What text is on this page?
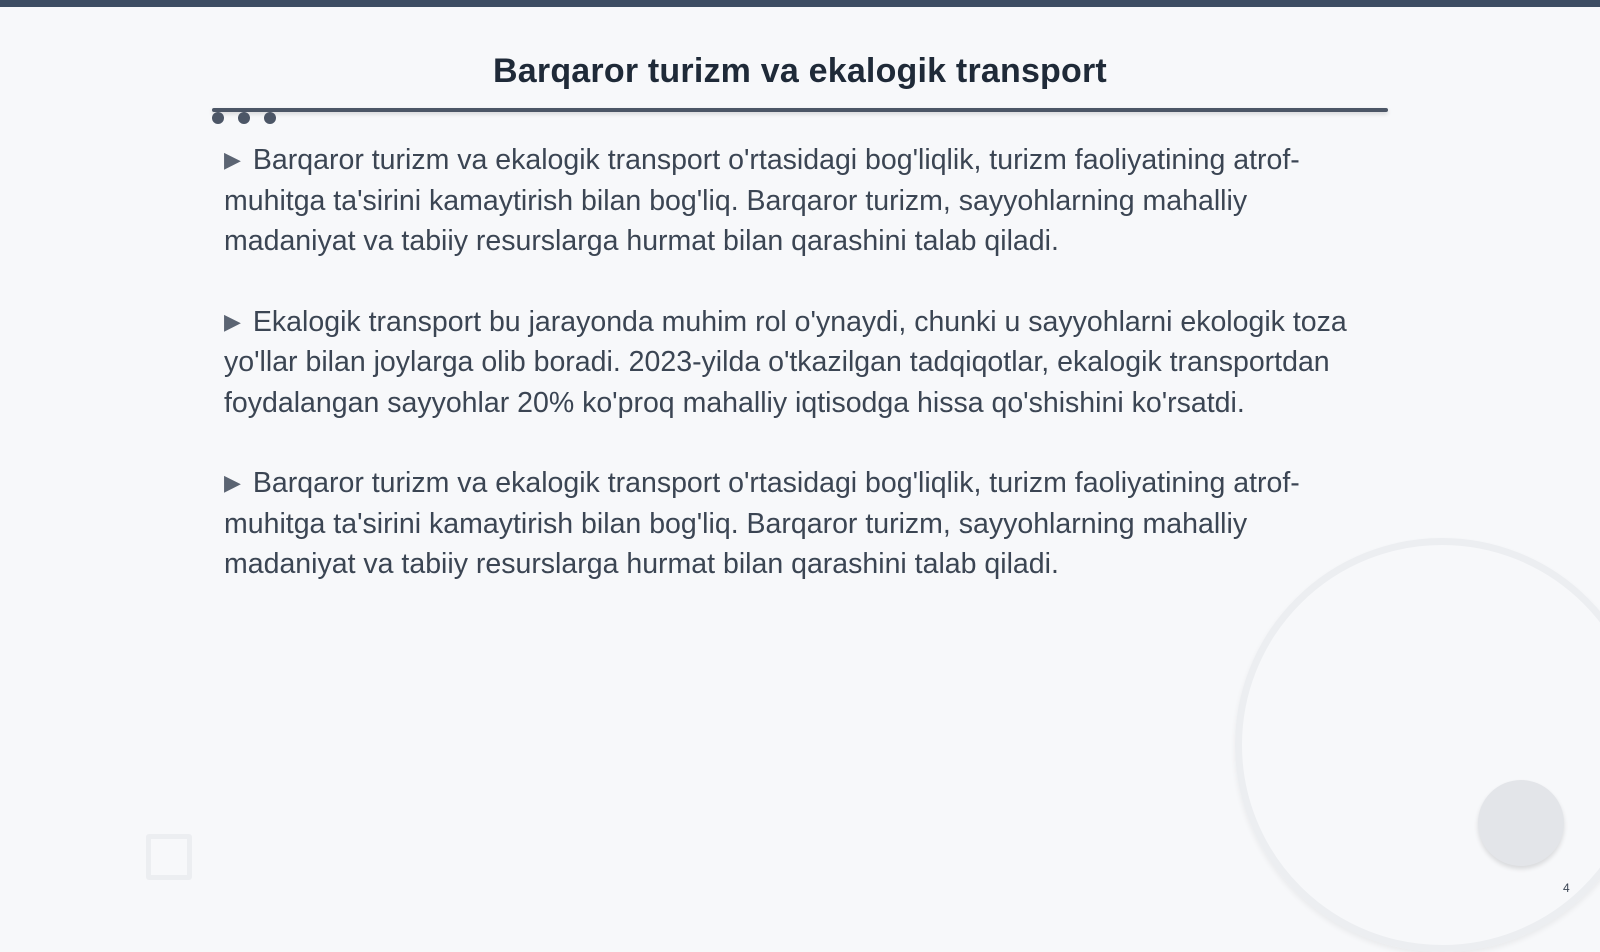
Barqaror turizm va ekalogik transport

▶ Barqaror turizm va ekalogik transport o'rtasidagi bog'liqlik, turizm faoliyatining atrof-muhitga ta'sirini kamaytirish bilan bog'liq. Barqaror turizm, sayyohlarning mahalliy madaniyat va tabiiy resurslarga hurmat bilan qarashini talab qiladi.

▶ Ekalogik transport bu jarayonda muhim rol o'ynaydi, chunki u sayyohlarni ekologik toza yo'llar bilan joylarga olib boradi. 2023-yilda o'tkazilgan tadqiqotlar, ekalogik transportdan foydalangan sayyohlar 20% ko'proq mahalliy iqtisodga hissa qo'shishini ko'rsatdi.

▶ Barqaror turizm va ekalogik transport o'rtasidagi bog'liqlik, turizm faoliyatining atrof-muhitga ta'sirini kamaytirish bilan bog'liq. Barqaror turizm, sayyohlarning mahalliy madaniyat va tabiiy resurslarga hurmat bilan qarashini talab qiladi.

4
